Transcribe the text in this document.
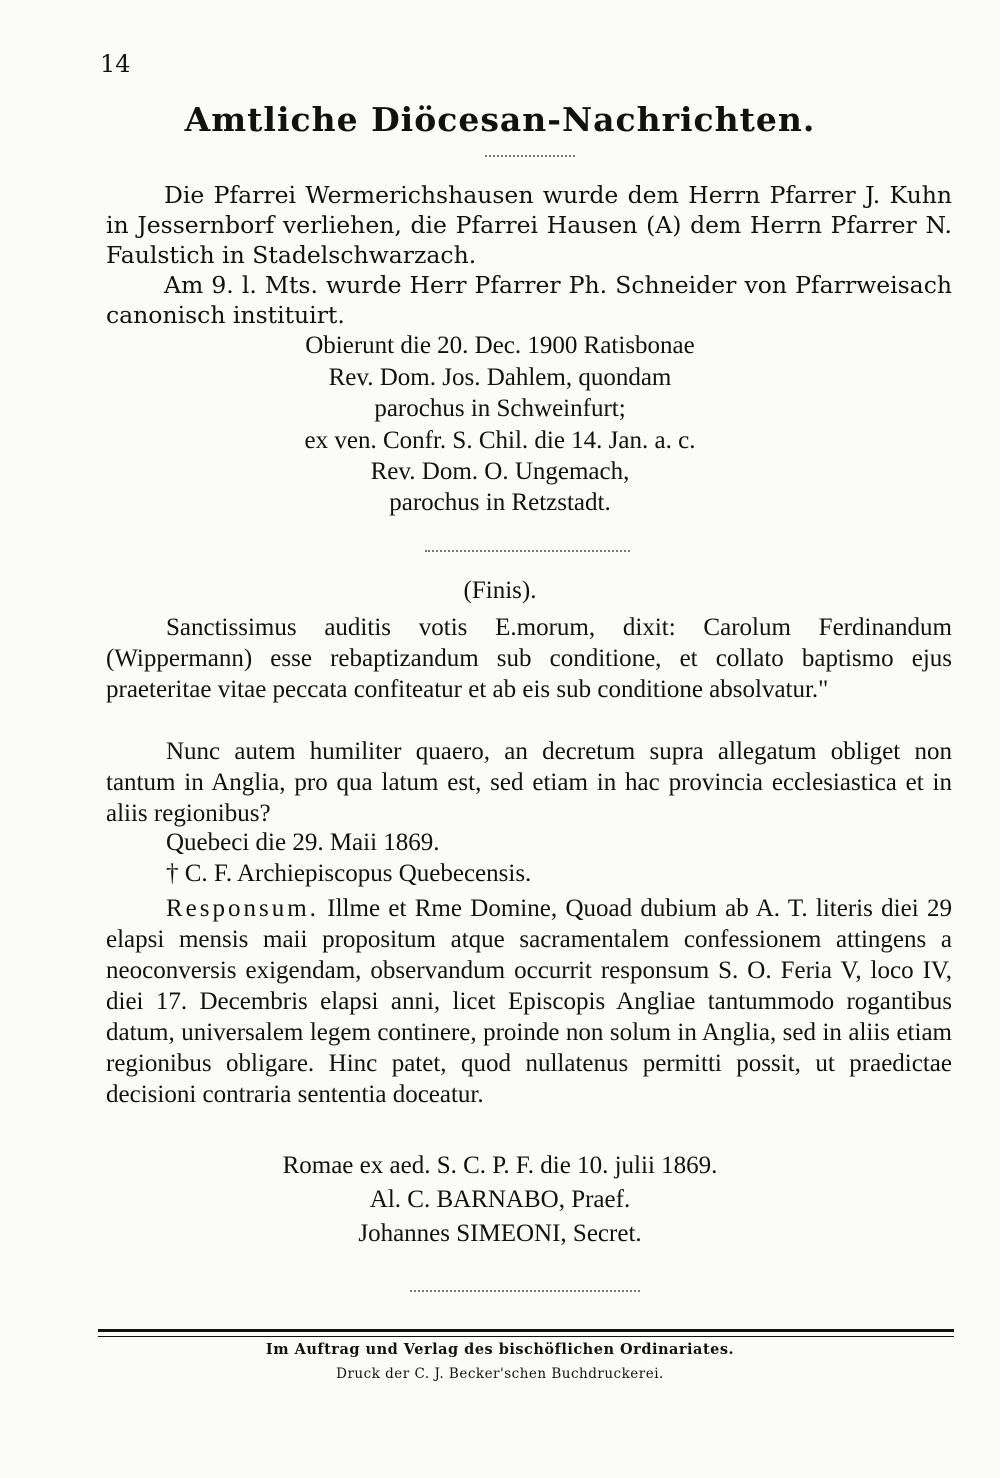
14
Amtliche Diöcesan-Nachrichten.
Die Pfarrei Wermerichshausen wurde dem Herrn Pfarrer J. Kuhn in Jessernborf verliehen, die Pfarrei Hausen (A) dem Herrn Pfarrer N. Faulstich in Stadelschwarzach.
Am 9. l. Mts. wurde Herr Pfarrer Ph. Schneider von Pfarrweisach canonisch instituirt.
Obierunt die 20. Dec. 1900 Ratisbonae
Rev. Dom. Jos. Dahlem, quondam
parochus in Schweinfurt;
ex ven. Confr. S. Chil. die 14. Jan. a. c.
Rev. Dom. O. Ungemach,
parochus in Retzstadt.
(Finis).
Sanctissimus auditis votis E.morum, dixit: Carolum Ferdinandum (Wippermann) esse rebaptizandum sub conditione, et collato baptismo ejus praeteritae vitae peccata confiteatur et ab eis sub conditione absolvatur."
Nunc autem humiliter quaero, an decretum supra allegatum obliget non tantum in Anglia, pro qua latum est, sed etiam in hac provincia ecclesiastica et in aliis regionibus?
Quebeci die 29. Maii 1869.
† C. F. Archiepiscopus Quebecensis.
Responsum. Illme et Rme Domine, Quoad dubium ab A. T. literis diei 29 elapsi mensis maii propositum atque sacramentalem confessionem attingens a neoconversis exigendam, observandum occurrit responsum S. O. Feria V, loco IV, diei 17. Decembris elapsi anni, licet Episcopis Angliae tantummodo rogantibus datum, universalem legem continere, proinde non solum in Anglia, sed in aliis etiam regionibus obligare. Hinc patet, quod nullatenus permitti possit, ut praedictae decisioni contraria sententia doceatur.
Romae ex aed. S. C. P. F. die 10. julii 1869.
Al. C. BARNABO, Praef.
Johannes SIMEONI, Secret.
Im Auftrag und Verlag des bischöflichen Ordinariates.
Druck der C. J. Becker'schen Buchdruckerei.
